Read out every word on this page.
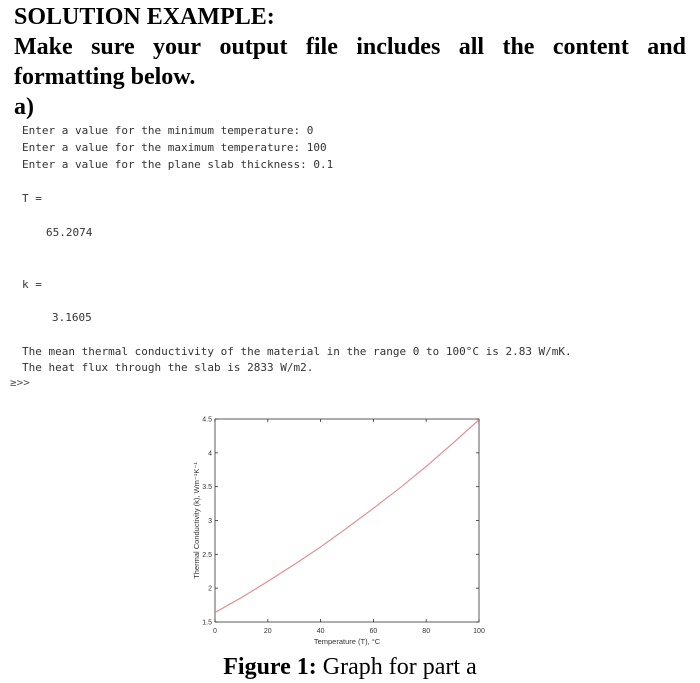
SOLUTION EXAMPLE:
Make sure your output file includes all the content and
formatting below.
a)
Enter a value for the minimum temperature: 0
Enter a value for the maximum temperature: 100
Enter a value for the plane slab thickness: 0.1
T =
65.2074
k =
3.1605
The mean thermal conductivity of the material in the range 0 to 100°C is 2.83 W/mK.
The heat flux through the slab is 2833 W/m2.
≥>>
0	20	40	60	80	100
1.5
2
2.5
3
3.5
4
4.5
Temperature (T), °C
Thermal Conductivity (k), Wm⁻¹K⁻¹
Figure 1: Graph for part a
